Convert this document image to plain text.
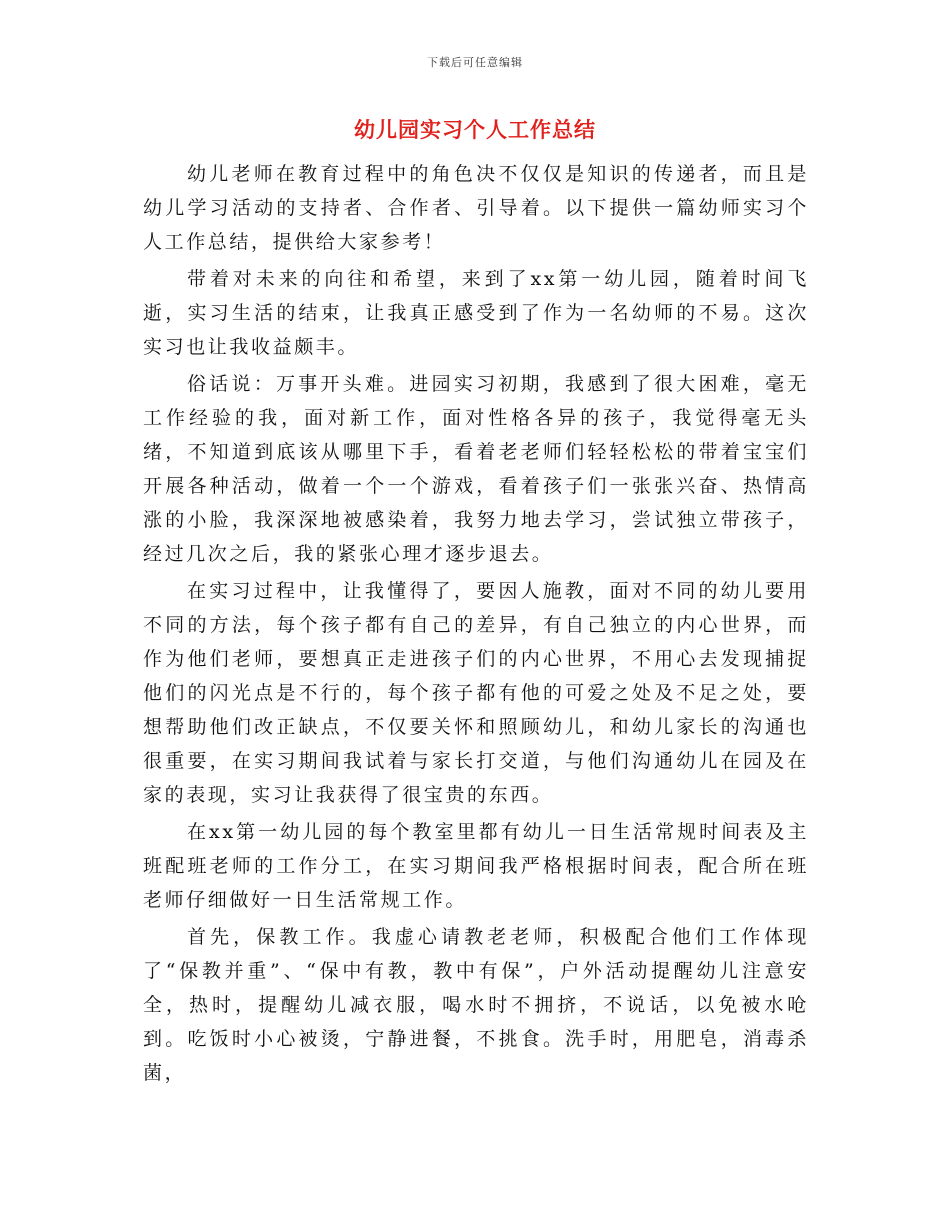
下载后可任意编辑
幼儿园实习个人工作总结

幼儿老师在教育过程中的角色决不仅仅是知识的传递者，而且是幼儿学习活动的支持者、合作者、引导着。以下提供一篇幼师实习个人工作总结，提供给大家参考！

带着对未来的向往和希望，来到了xx第一幼儿园，随着时间飞逝，实习生活的结束，让我真正感受到了作为一名幼师的不易。这次实习也让我收益颇丰。

俗话说：万事开头难。进园实习初期，我感到了很大困难，毫无工作经验的我，面对新工作，面对性格各异的孩子，我觉得毫无头绪，不知道到底该从哪里下手，看着老老师们轻轻松松的带着宝宝们开展各种活动，做着一个一个游戏，看着孩子们一张张兴奋、热情高涨的小脸，我深深地被感染着，我努力地去学习，尝试独立带孩子，经过几次之后，我的紧张心理才逐步退去。

在实习过程中，让我懂得了，要因人施教，面对不同的幼儿要用不同的方法，每个孩子都有自己的差异，有自己独立的内心世界，而作为他们老师，要想真正走进孩子们的内心世界，不用心去发现捕捉他们的闪光点是不行的，每个孩子都有他的可爱之处及不足之处，要想帮助他们改正缺点，不仅要关怀和照顾幼儿，和幼儿家长的沟通也很重要，在实习期间我试着与家长打交道，与他们沟通幼儿在园及在家的表现，实习让我获得了很宝贵的东西。

在xx第一幼儿园的每个教室里都有幼儿一日生活常规时间表及主班配班老师的工作分工，在实习期间我严格根据时间表，配合所在班老师仔细做好一日生活常规工作。

首先，保教工作。我虚心请教老老师，积极配合他们工作体现了“保教并重”、“保中有教，教中有保”，户外活动提醒幼儿注意安全，热时，提醒幼儿减衣服，喝水时不拥挤，不说话，以免被水呛到。吃饭时小心被烫，宁静进餐，不挑食。洗手时，用肥皂，消毒杀菌，
